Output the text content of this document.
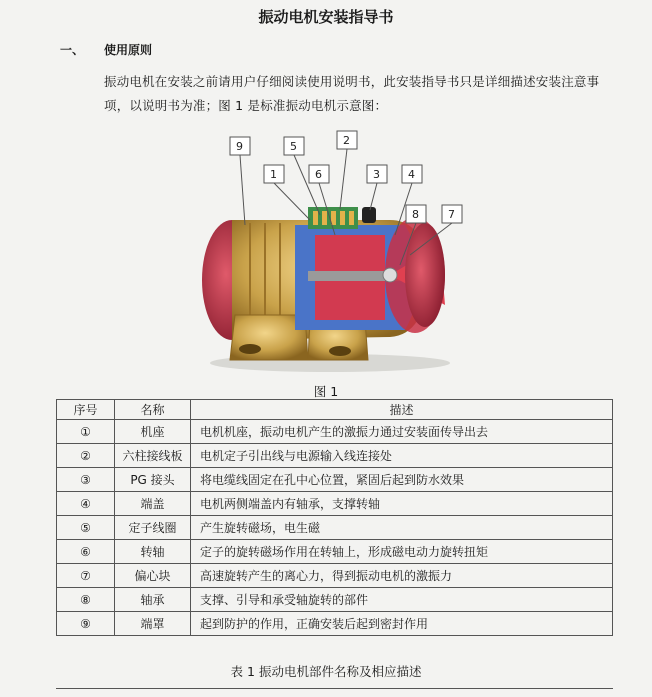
振动电机安装指导书
一、 使用原则
振动电机在安装之前请用户仔细阅读使用说明书，此安装指导书只是详细描述安装注意事项，以说明书为准；图 1 是标准振动电机示意图：
9	5	2
1	6	3	4
8	7
图 1
序号	名称	描述
①	机座	电机机座，振动电机产生的激振力通过安装面传导出去
②	六柱接线板	电机定子引出线与电源输入线连接处
③	PG 接头	将电缆线固定在孔中心位置，紧固后起到防水效果
④	端盖	电机两侧端盖内有轴承，支撑转轴
⑤	定子线圈	产生旋转磁场，电生磁
⑥	转轴	定子的旋转磁场作用在转轴上，形成磁电动力旋转扭矩
⑦	偏心块	高速旋转产生的离心力，得到振动电机的激振力
⑧	轴承	支撑、引导和承受轴旋转的部件
⑨	端罩	起到防护的作用，正确安装后起到密封作用
表 1 振动电机部件名称及相应描述
